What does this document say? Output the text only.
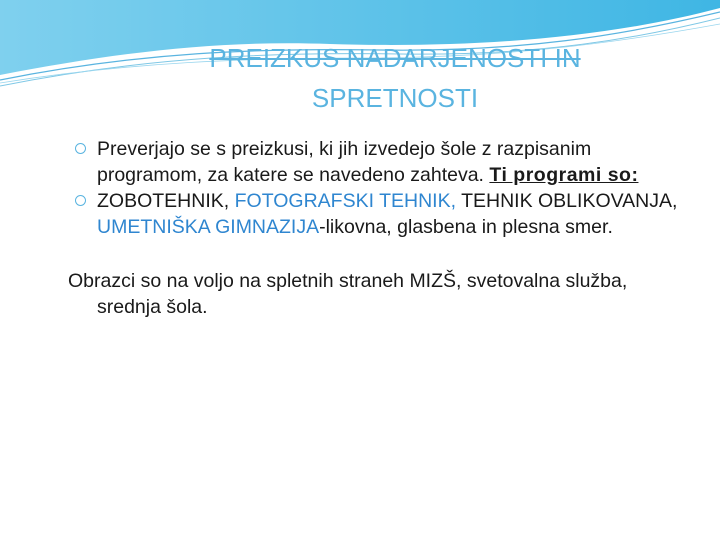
PREIZKUS NADARJENOSTI IN
SPRETNOSTI

Preverjajo se s preizkusi, ki jih izvedejo šole z razpisanim programom, za katere se navedeno zahteva. Ti programi so:

ZOBOTEHNIK, FOTOGRAFSKI TEHNIK, TEHNIK OBLIKOVANJA, UMETNIŠKA GIMNAZIJA-likovna, glasbena in plesna smer.

Obrazci so na voljo na spletnih straneh MIZŠ, svetovalna služba, srednja šola.
